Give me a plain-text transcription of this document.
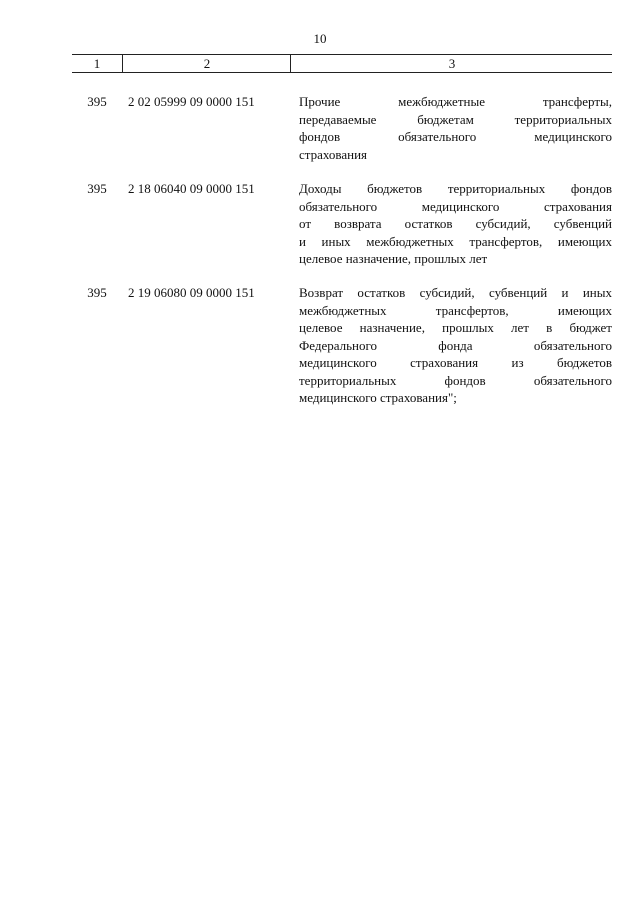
10
1	2	3
395	2 02 05999 09 0000 151	Прочие межбюджетные трансферты,
передаваемые бюджетам территориальных
фондов обязательного медицинского
страхования
395	2 18 06040 09 0000 151	Доходы бюджетов территориальных фондов
обязательного медицинского страхования
от возврата остатков субсидий, субвенций
и иных межбюджетных трансфертов, имеющих
целевое назначение, прошлых лет
395	2 19 06080 09 0000 151	Возврат остатков субсидий, субвенций и иных
межбюджетных трансфертов, имеющих
целевое назначение, прошлых лет в бюджет
Федерального фонда обязательного
медицинского страхования из бюджетов
территориальных фондов обязательного
медицинского страхования";
